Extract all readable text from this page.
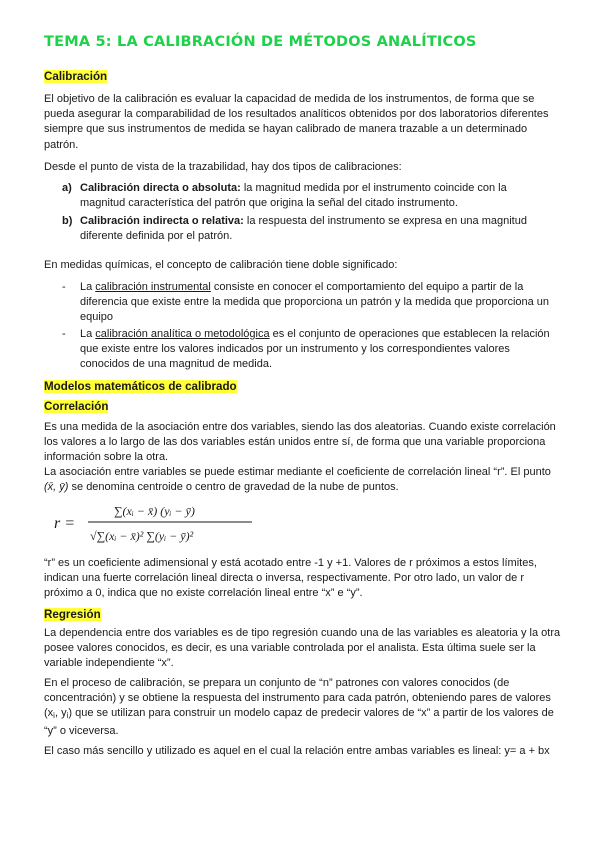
TEMA 5: LA CALIBRACIÓN DE MÉTODOS ANALÍTICOS
Calibración
El objetivo de la calibración es evaluar la capacidad de medida de los instrumentos, de forma que se pueda asegurar la comparabilidad de los resultados analíticos obtenidos por dos laboratorios diferentes siempre que sus instrumentos de medida se hayan calibrado de manera trazable a un determinado patrón.
Desde el punto de vista de la trazabilidad, hay dos tipos de calibraciones:
a) Calibración directa o absoluta: la magnitud medida por el instrumento coincide con la magnitud característica del patrón que origina la señal del citado instrumento.
b) Calibración indirecta o relativa: la respuesta del instrumento se expresa en una magnitud diferente definida por el patrón.
En medidas químicas, el concepto de calibración tiene doble significado:
- La calibración instrumental consiste en conocer el comportamiento del equipo a partir de la diferencia que existe entre la medida que proporciona un patrón y la medida que proporciona un equipo
- La calibración analítica o metodológica es el conjunto de operaciones que establecen la relación que existe entre los valores indicados por un instrumento y los correspondientes valores conocidos de una magnitud de medida.
Modelos matemáticos de calibrado
Correlación
Es una medida de la asociación entre dos variables, siendo las dos aleatorias. Cuando existe correlación los valores a lo largo de las dos variables están unidos entre sí, de forma que una variable proporciona información sobre la otra.
La asociación entre variables se puede estimar mediante el coeficiente de correlación lineal “r”. El punto (x̄, ȳ) se denomina centroide o centro de gravedad de la nube de puntos.
r =
∑(xᵢ − x̄) (yᵢ − ȳ)
√∑(xᵢ − x̄)² ∑(yᵢ − ȳ)²
“r” es un coeficiente adimensional y está acotado entre -1 y +1. Valores de r próximos a estos límites, indican una fuerte correlación lineal directa o inversa, respectivamente. Por otro lado, un valor de r próximo a 0, indica que no existe correlación lineal entre “x” e “y”.
Regresión
La dependencia entre dos variables es de tipo regresión cuando una de las variables es aleatoria y la otra posee valores conocidos, es decir, es una variable controlada por el analista. Esta última suele ser la variable independiente “x”.
En el proceso de calibración, se prepara un conjunto de “n” patrones con valores conocidos (de concentración) y se obtiene la respuesta del instrumento para cada patrón, obteniendo pares de valores ($x_i$, $y_i$) que se utilizan para construir un modelo capaz de predecir valores de “x” a partir de los valores de “y” o viceversa.
El caso más sencillo y utilizado es aquel en el cual la relación entre ambas variables es lineal: y= a + bx
